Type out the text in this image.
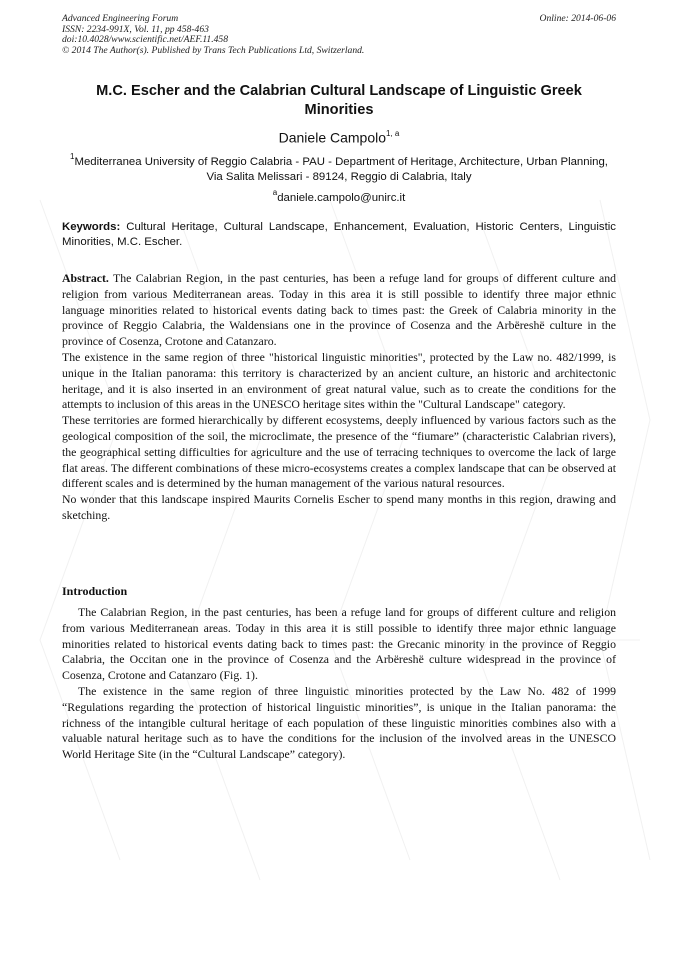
Advanced Engineering Forum
ISSN: 2234-991X, Vol. 11, pp 458-463
doi:10.4028/www.scientific.net/AEF.11.458
© 2014 The Author(s). Published by Trans Tech Publications Ltd, Switzerland.
Online: 2014-06-06
M.C. Escher and the Calabrian Cultural Landscape of Linguistic Greek Minorities
Daniele Campolo$^{1, a}$
$^1$Mediterranea University of Reggio Calabria - PAU - Department of Heritage, Architecture, Urban Planning, Via Salita Melissari - 89124, Reggio di Calabria, Italy
$^a$daniele.campolo@unirc.it
Keywords: Cultural Heritage, Cultural Landscape, Enhancement, Evaluation, Historic Centers, Linguistic Minorities, M.C. Escher.

Abstract. The Calabrian Region, in the past centuries, has been a refuge land for groups of different culture and religion from various Mediterranean areas. Today in this area it is still possible to identify three major ethnic language minorities related to historical events dating back to times past: the Greek of Calabria minority in the province of Reggio Calabria, the Waldensians one in the province of Cosenza and the Arbëreshë culture in the province of Cosenza, Crotone and Catanzaro.

The existence in the same region of three "historical linguistic minorities", protected by the Law no. 482/1999, is unique in the Italian panorama: this territory is characterized by an ancient culture, an historic and architectonic heritage, and it is also inserted in an environment of great natural value, such as to create the conditions for the attempts to inclusion of this areas in the UNESCO heritage sites within the "Cultural Landscape" category.

These territories are formed hierarchically by different ecosystems, deeply influenced by various factors such as the geological composition of the soil, the microclimate, the presence of the “fiumare” (characteristic Calabrian rivers), the geographical setting difficulties for agriculture and the use of terracing techniques to overcome the lack of large flat areas. The different combinations of these micro-ecosystems creates a complex landscape that can be observed at different scales and is determined by the human management of the various natural resources.

No wonder that this landscape inspired Maurits Cornelis Escher to spend many months in this region, drawing and sketching.

Introduction

The Calabrian Region, in the past centuries, has been a refuge land for groups of different culture and religion from various Mediterranean areas. Today in this area it is still possible to identify three major ethnic language minorities related to historical events dating back to times past: the Grecanic minority in the province of Reggio Calabria, the Occitan one in the province of Cosenza and the Arbëreshë culture widespread in the province of Cosenza, Crotone and Catanzaro (Fig. 1).

The existence in the same region of three linguistic minorities protected by the Law No. 482 of 1999 “Regulations regarding the protection of historical linguistic minorities”, is unique in the Italian panorama: the richness of the intangible cultural heritage of each population of these linguistic minorities combines also with a valuable natural heritage such as to have the conditions for the inclusion of the involved areas in the UNESCO World Heritage Site (in the “Cultural Landscape” category).
